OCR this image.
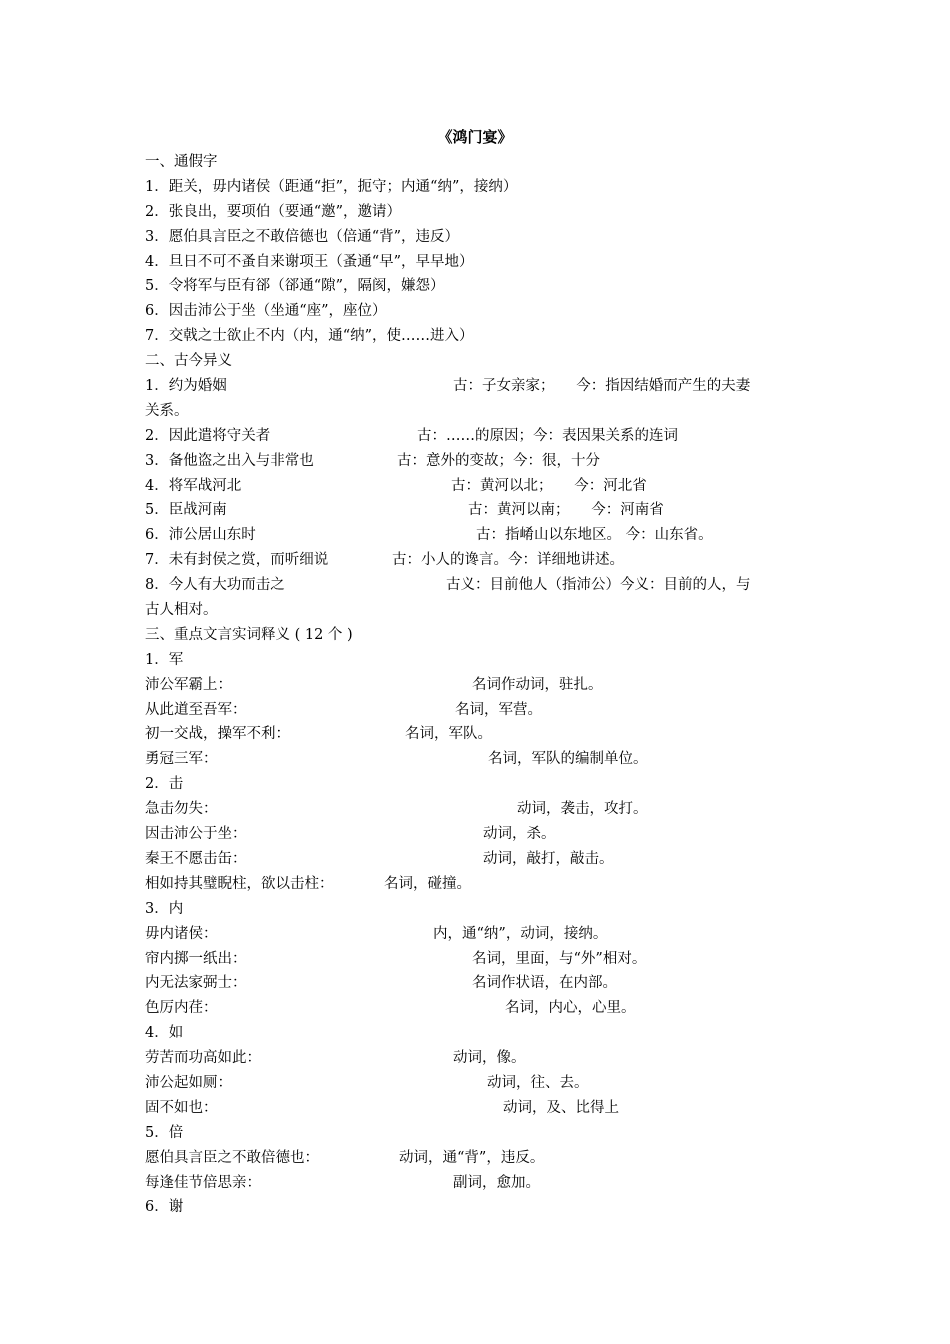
《鸿门宴》
一、通假字
1．距关，毋内诸侯（距通“拒”，扼守；内通“纳”，接纳）
2．张良出，要项伯（要通“邀”，邀请）
3．愿伯具言臣之不敢倍德也（倍通“背”，违反）
4．旦日不可不蚤自来谢项王（蚤通“早”，早早地）
5．令将军与臣有郤（郤通“隙”，隔阂，嫌怨）
6．因击沛公于坐（坐通“座”，座位）
7．交戟之士欲止不内（内，通“纳”，使……进入）
二、古今异义
1．约为婚姻	古：子女亲家；　　今：指因结婚而产生的夫妻
关系。
2．因此遣将守关者	古：……的原因；今：表因果关系的连词
3．备他盗之出入与非常也	古：意外的变故；今：很，十分
4．将军战河北	古：黄河以北；　　今：河北省
5．臣战河南	古：黄河以南；　　今：河南省
6．沛公居山东时	古：指崤山以东地区。 今：山东省。
7．未有封侯之赏，而听细说	古：小人的谗言。今：详细地讲述。
8．今人有大功而击之	古义：目前他人（指沛公）今义：目前的人，与
古人相对。
三、重点文言实词释义 ( 12 个 )
1．军
沛公军霸上：	名词作动词，驻扎。
从此道至吾军：	名词，军营。
初一交战，操军不利：	名词，军队。
勇冠三军：	名词，军队的编制单位。
2．击
急击勿失：	动词，袭击，攻打。
因击沛公于坐：	动词，杀。
秦王不愿击缶：	动词，敲打，敲击。
相如持其璧睨柱，欲以击柱：	名词，碰撞。
3．内
毋内诸侯：	内，通“纳”，动词，接纳。
帘内掷一纸出：	名词，里面，与“外”相对。
内无法家弼士：	名词作状语，在内部。
色厉内荏：	名词，内心，心里。
4．如
劳苦而功高如此：	动词，像。
沛公起如厕：	动词，往、去。
固不如也：	动词，及、比得上
5．倍
愿伯具言臣之不敢倍德也：	动词，通“背”，违反。
每逢佳节倍思亲：	副词，愈加。
6．谢
